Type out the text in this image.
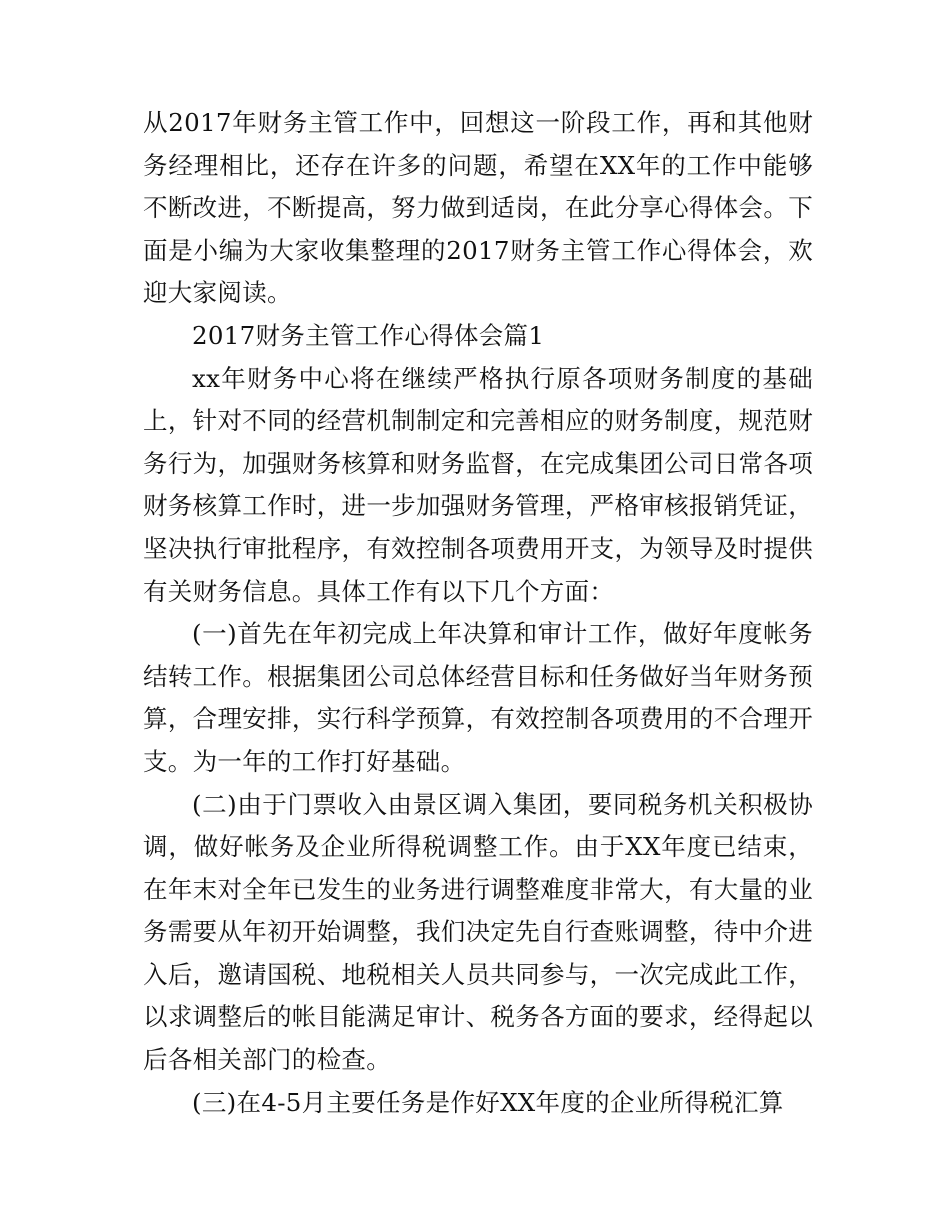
从2017年财务主管工作中，回想这一阶段工作，再和其他财务经理相比，还存在许多的问题，希望在XX年的工作中能够不断改进，不断提高，努力做到适岗，在此分享心得体会。下面是小编为大家收集整理的2017财务主管工作心得体会，欢迎大家阅读。

2017财务主管工作心得体会篇1

xx年财务中心将在继续严格执行原各项财务制度的基础上，针对不同的经营机制制定和完善相应的财务制度，规范财务行为，加强财务核算和财务监督，在完成集团公司日常各项财务核算工作时，进一步加强财务管理，严格审核报销凭证，坚决执行审批程序，有效控制各项费用开支，为领导及时提供有关财务信息。具体工作有以下几个方面：

(一)首先在年初完成上年决算和审计工作，做好年度帐务结转工作。根据集团公司总体经营目标和任务做好当年财务预算，合理安排，实行科学预算，有效控制各项费用的不合理开支。为一年的工作打好基础。

(二)由于门票收入由景区调入集团，要同税务机关积极协调，做好帐务及企业所得税调整工作。由于XX年度已结束，在年末对全年已发生的业务进行调整难度非常大，有大量的业务需要从年初开始调整，我们决定先自行查账调整，待中介进入后，邀请国税、地税相关人员共同参与，一次完成此工作，以求调整后的帐目能满足审计、税务各方面的要求，经得起以后各相关部门的检查。

(三)在4-5月主要任务是作好XX年度的企业所得税汇算
